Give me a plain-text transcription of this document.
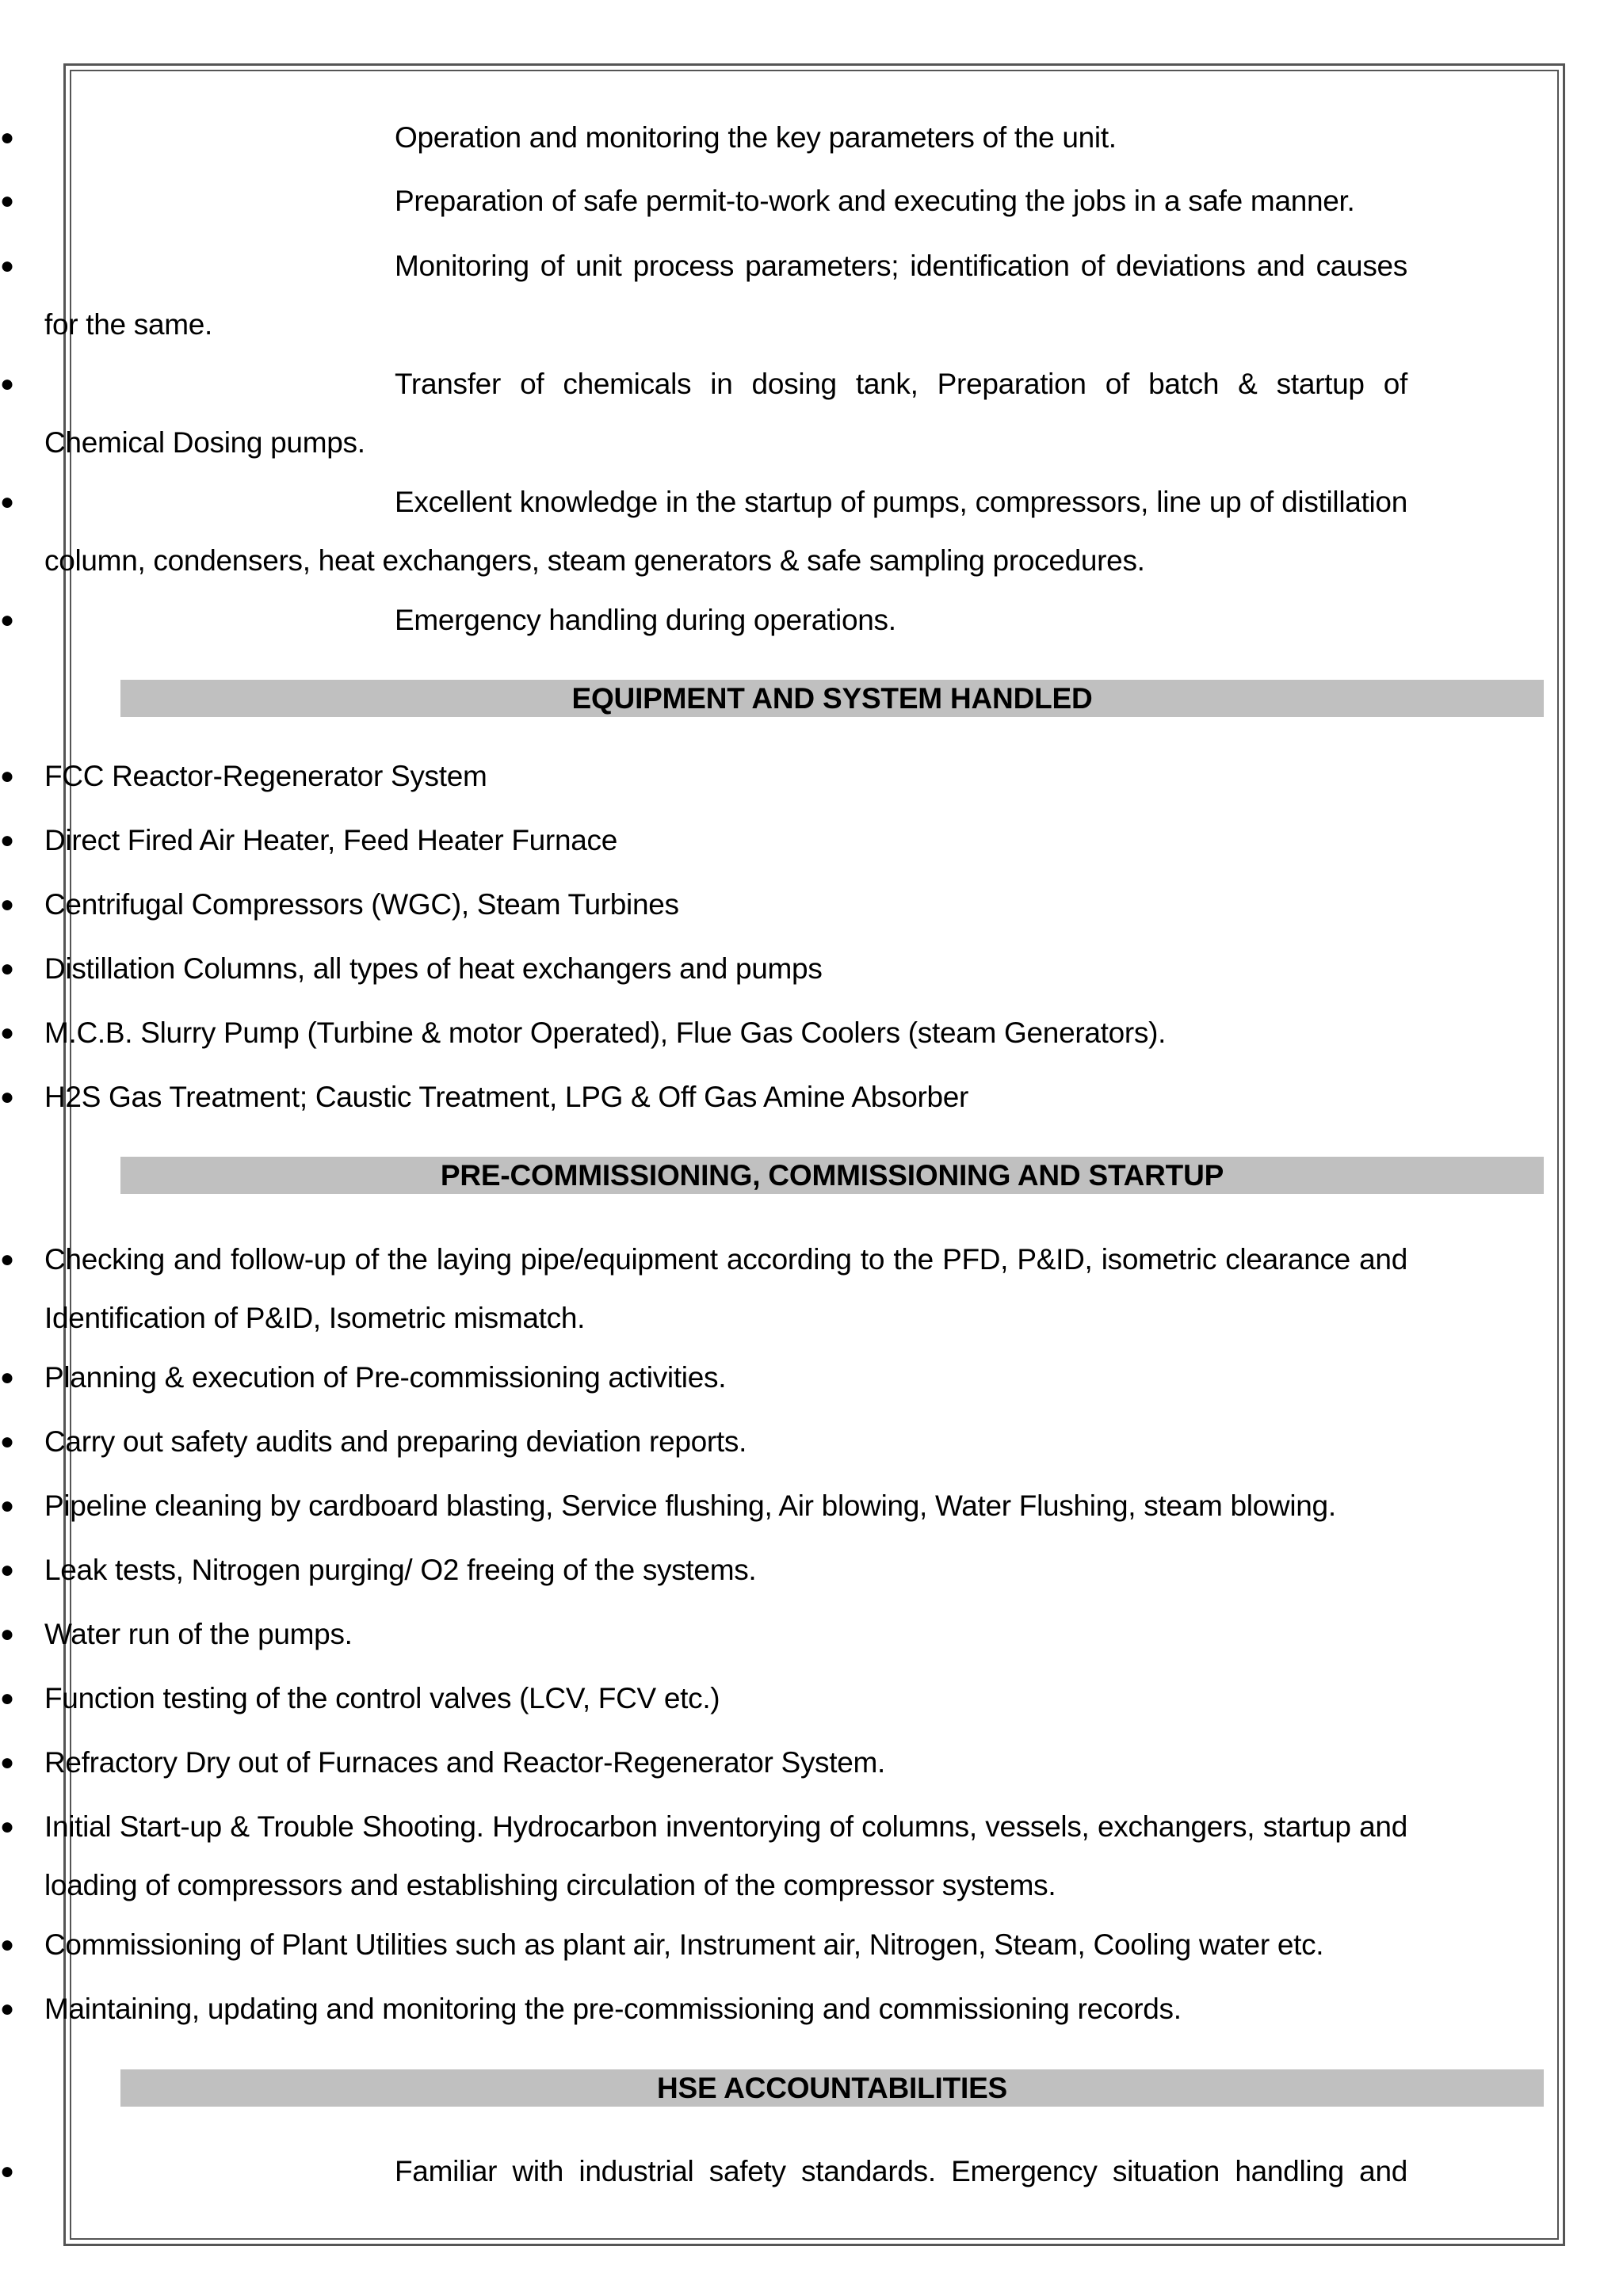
●	Operation and monitoring the key parameters of the unit.
●	Preparation of safe permit-to-work and executing the jobs in a safe manner.
●	Monitoring of unit process parameters; identification of deviations and causes for the same.
●	Transfer of chemicals in dosing tank, Preparation of batch & startup of Chemical Dosing pumps.
●	Excellent knowledge in the startup of pumps, compressors, line up of distillation column, condensers, heat exchangers, steam generators & safe sampling procedures.
●	Emergency handling during operations.
EQUIPMENT AND SYSTEM HANDLED
●	FCC Reactor-Regenerator System
●	Direct Fired Air Heater, Feed Heater Furnace
●	Centrifugal Compressors (WGC), Steam Turbines
●	Distillation Columns, all types of heat exchangers and pumps
●	M.C.B. Slurry Pump (Turbine & motor Operated), Flue Gas Coolers (steam Generators).
●	H2S Gas Treatment; Caustic Treatment, LPG & Off Gas Amine Absorber
PRE-COMMISSIONING, COMMISSIONING AND STARTUP
●	Checking and follow-up of the laying pipe/equipment according to the PFD, P&ID, isometric clearance and Identification of P&ID, Isometric mismatch.
●	Planning & execution of Pre-commissioning activities.
●	Carry out safety audits and preparing deviation reports.
●	Pipeline cleaning by cardboard blasting, Service flushing, Air blowing, Water Flushing, steam blowing.
●	Leak tests, Nitrogen purging/ O2 freeing of the systems.
●	Water run of the pumps.
●	Function testing of the control valves (LCV, FCV etc.)
●	Refractory Dry out of Furnaces and Reactor-Regenerator System.
●	Initial Start-up & Trouble Shooting. Hydrocarbon inventorying of columns, vessels, exchangers, startup and loading of compressors and establishing circulation of the compressor systems.
●	Commissioning of Plant Utilities such as plant air, Instrument air, Nitrogen, Steam, Cooling water etc.
●	Maintaining, updating and monitoring the pre-commissioning and commissioning records.
HSE ACCOUNTABILITIES
●	Familiar with industrial safety standards. Emergency situation handling and
